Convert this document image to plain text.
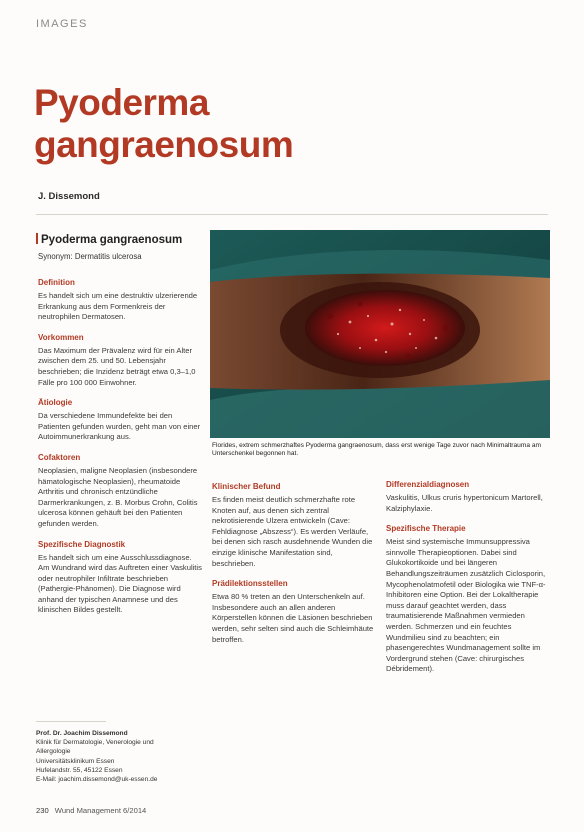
IMAGES
Pyoderma
gangraenosum
J. Dissemond
Pyoderma gangraenosum
Synonym: Dermatitis ulcerosa
Definition

Es handelt sich um eine destruktiv ulzerierende Erkrankung aus dem Formenkreis der neutrophilen Dermatosen.

Vorkommen

Das Maximum der Prävalenz wird für ein Alter zwischen dem 25. und 50. Lebensjahr beschrieben; die Inzidenz beträgt etwa 0,3–1,0 Fälle pro 100 000 Einwohner.

Ätiologie

Da verschiedene Immundefekte bei den Patienten gefunden wurden, geht man von einer Autoimmunerkrankung aus.

Cofaktoren

Neoplasien, maligne Neoplasien (insbesondere hämatologische Neoplasien), rheumatoide Arthritis und chronisch entzündliche Darmerkrankungen, z. B. Morbus Crohn, Colitis ulcerosa können gehäuft bei den Patienten gefunden werden.

Spezifische Diagnostik

Es handelt sich um eine Ausschlussdiagnose. Am Wundrand wird das Auftreten einer Vaskulitis oder neutrophiler Infiltrate beschrieben (Pathergie-Phänomen). Die Diagnose wird anhand der typischen Anamnese und des klinischen Bildes gestellt.

Florides, extrem schmerzhaftes Pyoderma gangraenosum, dass erst wenige Tage zuvor nach Minimaltrauma am Unterschenkel begonnen hat.
Klinischer Befund

Es finden meist deutlich schmerzhafte rote Knoten auf, aus denen sich zentral nekrotisierende Ulzera entwickeln (Cave: Fehldiagnose „Abszess“). Es werden Verläufe, bei denen sich rasch ausdehnende Wunden die einzige klinische Manifestation sind, beschrieben.

Prädilektionsstellen

Etwa 80 % treten an den Unterschenkeln auf. Insbesondere auch an allen anderen Körperstellen können die Läsionen beschrieben werden, sehr selten sind auch die Schleimhäute betroffen.

Differenzialdiagnosen

Vaskulitis, Ulkus cruris hypertonicum Martorell, Kalziphylaxie.

Spezifische Therapie

Meist sind systemische Immunsuppressiva sinnvolle Therapieoptionen. Dabei sind Glukokortikoide und bei längeren Behandlungszeiträumen zusätzlich Ciclosporin, Mycophenolatmofetil oder Biologika wie TNF-α-Inhibitoren eine Option. Bei der Lokaltherapie muss darauf geachtet werden, dass traumatisierende Maßnahmen vermieden werden. Schmerzen und ein feuchtes Wundmilieu sind zu beachten; ein phasengerechtes Wundmanagement sollte im Vordergrund stehen (Cave: chirurgisches Débridement).

Prof. Dr. Joachim Dissemond
Klinik für Dermatologie, Venerologie und
Allergologie
Universitätsklinikum Essen
Hufelandstr. 55, 45122 Essen
E-Mail: joachim.dissemond@uk-essen.de
230 Wund Management 6/2014
